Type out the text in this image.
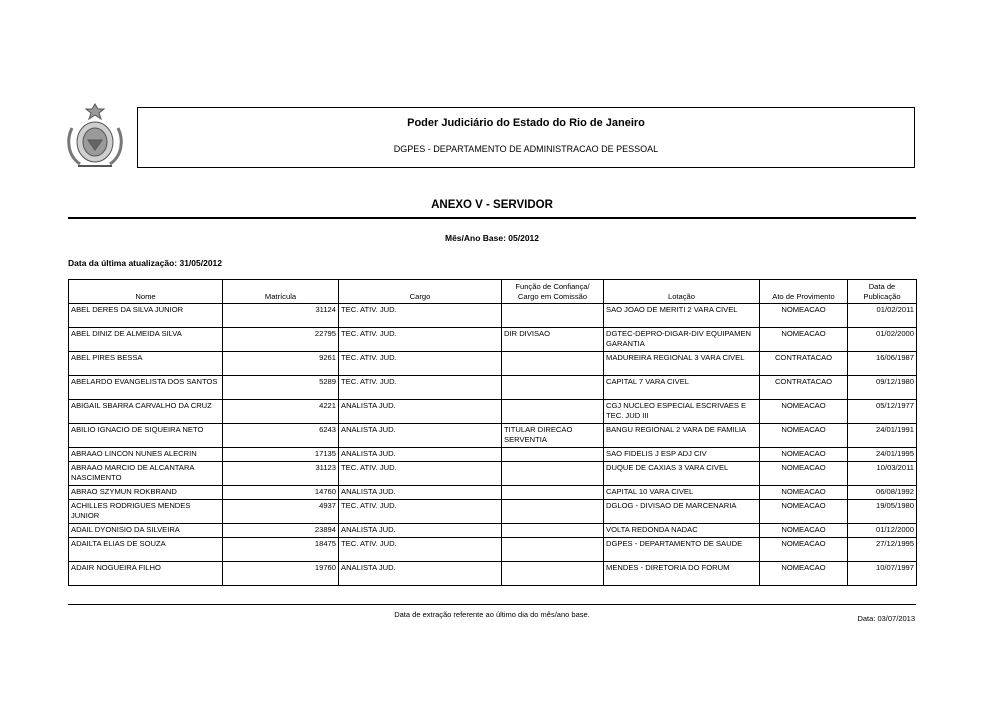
Poder Judiciário do Estado do Rio de Janeiro
DGPES - DEPARTAMENTO DE ADMINISTRACAO DE PESSOAL
ANEXO V - SERVIDOR
Mês/Ano Base: 05/2012
Data da última atualização: 31/05/2012
Nome	Matrícula	Cargo	Função de Confiança/ Cargo em Comissão	Lotação	Ato de Provimento	Data de Publicação
ABEL DERES DA SILVA JUNIOR	31124	TEC. ATIV. JUD.		SAO JOAO DE MERITI 2 VARA CIVEL	NOMEACAO	01/02/2011
ABEL DINIZ DE ALMEIDA SILVA	22795	TEC. ATIV. JUD.	DIR DIVISAO	DGTEC-DEPRO-DIGAR-DIV EQUIPAMEN GARANTIA	NOMEACAO	01/02/2000
ABEL PIRES BESSA	9261	TEC. ATIV. JUD.		MADUREIRA REGIONAL 3 VARA CIVEL	CONTRATACAO	16/06/1987
ABELARDO EVANGELISTA DOS SANTOS	5289	TEC. ATIV. JUD.		CAPITAL 7 VARA CIVEL	CONTRATACAO	09/12/1980
ABIGAIL SBARRA CARVALHO DA CRUZ	4221	ANALISTA JUD.		CGJ NUCLEO ESPECIAL ESCRIVAES E TEC. JUD III	NOMEACAO	05/12/1977
ABILIO IGNACIO DE SIQUEIRA NETO	6243	ANALISTA JUD.	TITULAR DIRECAO SERVENTIA	BANGU REGIONAL 2 VARA DE FAMILIA	NOMEACAO	24/01/1991
ABRAAO LINCON NUNES ALECRIN	17135	ANALISTA JUD.		SAO FIDELIS J ESP ADJ CIV	NOMEACAO	24/01/1995
ABRAAO MARCIO DE ALCANTARA NASCIMENTO	31123	TEC. ATIV. JUD.		DUQUE DE CAXIAS 3 VARA CIVEL	NOMEACAO	10/03/2011
ABRAO SZYMUN ROKBRAND	14760	ANALISTA JUD.		CAPITAL 10 VARA CIVEL	NOMEACAO	06/08/1992
ACHILLES RODRIGUES MENDES JUNIOR	4937	TEC. ATIV. JUD.		DGLOG - DIVISAO DE MARCENARIA	NOMEACAO	19/05/1980
ADAIL DYONISIO DA SILVEIRA	23894	ANALISTA JUD.		VOLTA REDONDA NADAC	NOMEACAO	01/12/2000
ADAILTA ELIAS DE SOUZA	18475	TEC. ATIV. JUD.		DGPES - DEPARTAMENTO DE SAUDE	NOMEACAO	27/12/1995
ADAIR NOGUEIRA FILHO	19760	ANALISTA JUD.		MENDES - DIRETORIA DO FORUM	NOMEACAO	10/07/1997
Data de extração referente ao último dia do mês/ano base.	Data: 03/07/2013
